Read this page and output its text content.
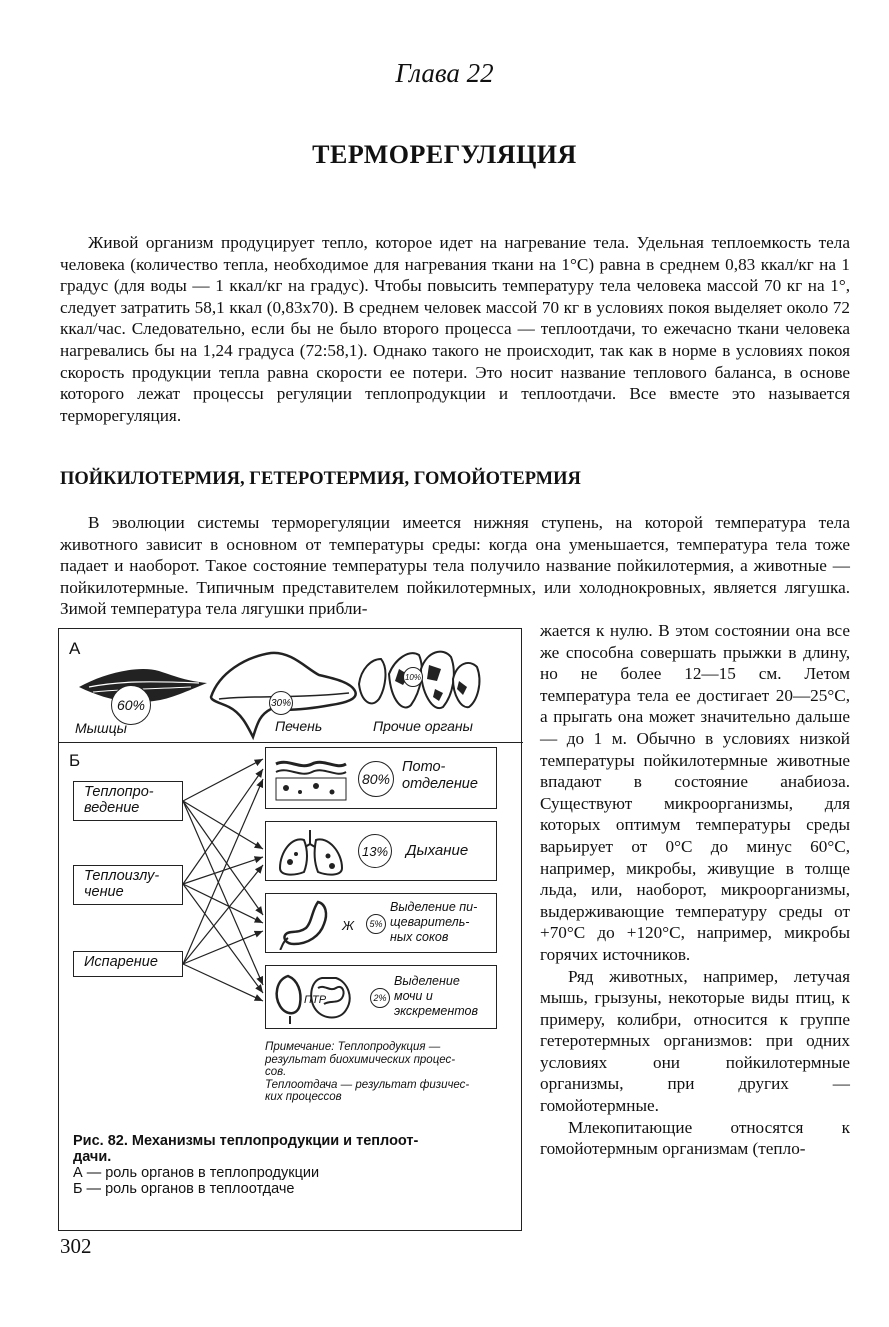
Глава 22
ТЕРМОРЕГУЛЯЦИЯ

Живой организм продуцирует тепло, которое идет на нагревание тела. Удельная теплоемкость тела человека (количество тепла, необходимое для нагревания ткани на 1°С) равна в среднем 0,83 ккал/кг на 1 градус (для воды — 1 ккал/кг на градус). Чтобы повысить температуру тела человека массой 70 кг на 1°, следует затратить 58,1 ккал (0,83х70). В среднем человек массой 70 кг в условиях покоя выделяет около 72 ккал/час. Следовательно, если бы не было второго процесса — теплоотдачи, то ежечасно ткани человека нагревались бы на 1,24 градуса (72:58,1). Однако такого не происходит, так как в норме в условиях покоя скорость продукции тепла равна скорости ее потери. Это носит название теплового баланса, в основе которого лежат процессы регуляции теплопродукции и теплоотдачи. Все вместе это называется терморегуляция.

ПОЙКИЛОТЕРМИЯ, ГЕТЕРОТЕРМИЯ, ГОМОЙОТЕРМИЯ

В эволюции системы терморегуляции имеется нижняя ступень, на которой температура тела животного зависит в основном от температуры среды: когда она уменьшается, температура тела тоже падает и наоборот. Такое состояние температуры тела получило название пойкилотермия, а животные — пойкилотермные. Типичным представителем пойкилотермных, или холоднокровных, является лягушка. Зимой температура тела лягушки прибли-

жается к нулю. В этом состоянии она все же способна совершать прыжки в длину, но не более 12—15 см. Летом температура тела ее достигает 20—25°С, а прыгать она может значительно дальше — до 1 м. Обычно в условиях низкой температуры пойкилотермные животные впадают в состояние анабиоза. Существуют микроорганизмы, для которых оптимум температуры среды варьирует от 0°С до минус 60°С, например, микробы, живущие в толще льда, или, наоборот, микроорганизмы, выдерживающие температуру среды от +70°С до +120°С, например, микробы горячих источников.

Ряд животных, например, летучая мышь, грызуны, некоторые виды птиц, к примеру, колибри, относится к группе гетеротермных организмов: при одних условиях они пойкилотермные организмы, при других — гомойотермные.

Млекопитающие относятся к гомойотермным организмам (тепло-

А
60%	30%
10%
Мышцы	Печень	Прочие органы
Б
Теплопро-
ведение
Теплоизлу-
чение
Испарение
80%
Пото-
отделение
13% Дыхание
Ж 5%
Выделение пи-
щеваритель-
ных соков
ПТР	2%
Выделение
мочи и
экскрементов
Примечание: Теплопродукция —
результат биохимических процес-
сов.
Теплоотдача — результат физичес-
ких процессов
Рис. 82. Механизмы теплопродукции и теплоот-
дачи.
А — роль органов в теплопродукции
Б — роль органов в теплоотдаче
302
